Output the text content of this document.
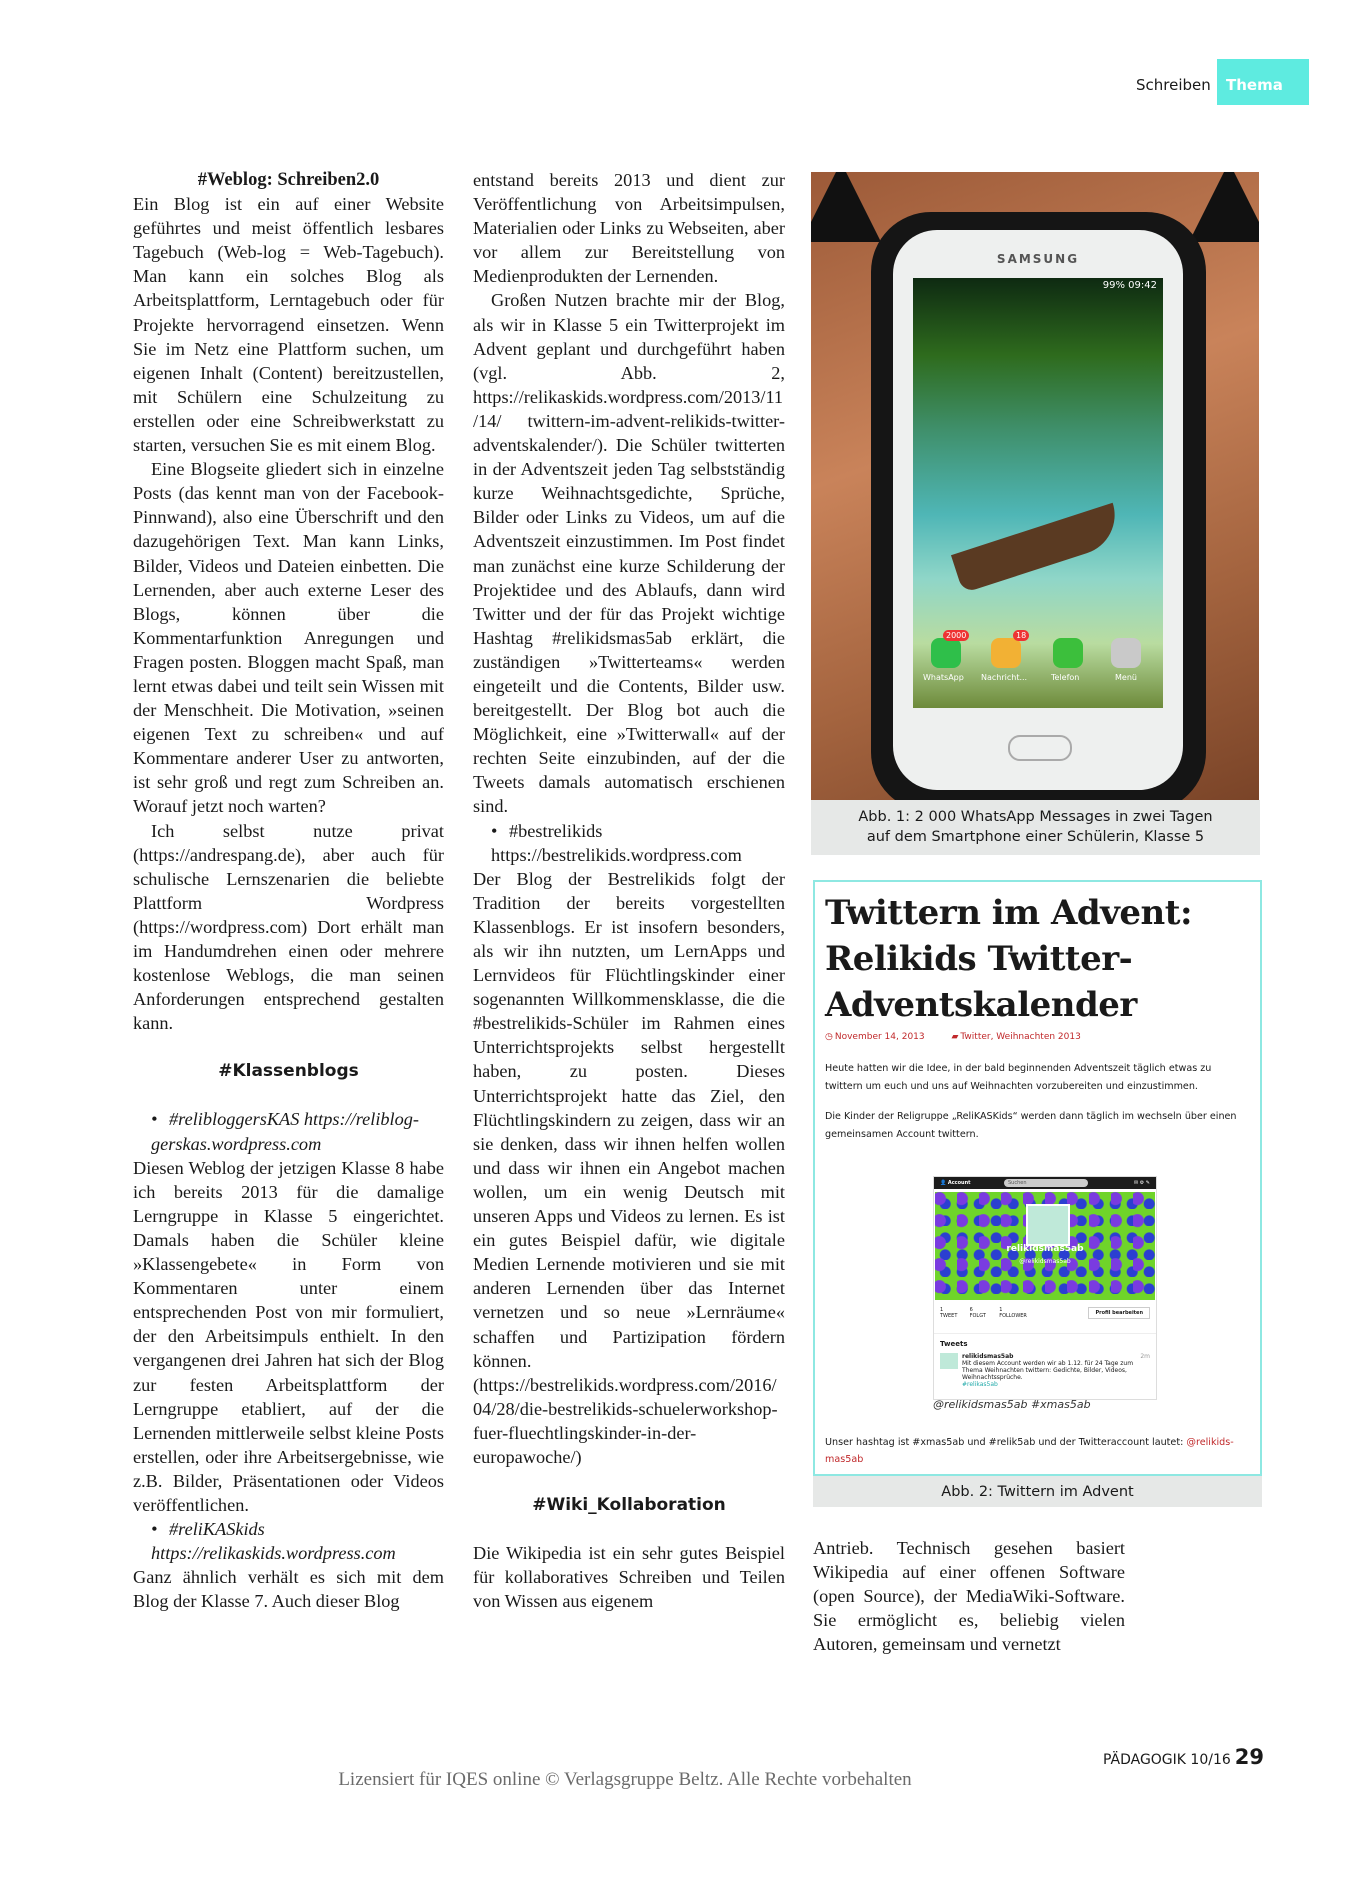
Schreiben	Thema
#Weblog: Schreiben2.0

Ein Blog ist ein auf einer Website geführtes und meist öffentlich lesbares Tagebuch (Web-log = Web-Tagebuch). Man kann ein solches Blog als Arbeitsplattform, Lerntagebuch oder für Projekte hervorragend einsetzen. Wenn Sie im Netz eine Plattform suchen, um eigenen Inhalt (Content) bereitzustellen, mit Schülern eine Schulzeitung zu erstellen oder eine Schreibwerkstatt zu starten, versuchen Sie es mit einem Blog.

Eine Blogseite gliedert sich in einzelne Posts (das kennt man von der Facebook-Pinnwand), also eine Überschrift und den dazugehörigen Text. Man kann Links, Bilder, Videos und Dateien einbetten. Die Lernenden, aber auch externe Leser des Blogs, können über die Kommentarfunktion Anregungen und Fragen posten. Bloggen macht Spaß, man lernt etwas dabei und teilt sein Wissen mit der Menschheit. Die Motivation, »seinen eigenen Text zu schreiben« und auf Kommentare anderer User zu antworten, ist sehr groß und regt zum Schreiben an. Worauf jetzt noch warten?

Ich selbst nutze privat (https://andrespang.de), aber auch für schulische Lernszenarien die beliebte Plattform Wordpress (https://wordpress.com) Dort erhält man im Handumdrehen einen oder mehrere kostenlose Weblogs, die man seinen Anforderungen entsprechend gestalten kann.

#Klassenblogs

• #relibloggersKAS https://relibloggerskas.wordpress.com

Diesen Weblog der jetzigen Klasse 8 habe ich bereits 2013 für die damalige Lerngruppe in Klasse 5 eingerichtet. Damals haben die Schüler kleine »Klassengebete« in Form von Kommentaren unter einem entsprechenden Post von mir formuliert, der den Arbeitsimpuls enthielt. In den vergangenen drei Jahren hat sich der Blog zur festen Arbeitsplattform der Lerngruppe etabliert, auf der die Lernenden mittlerweile selbst kleine Posts erstellen, oder ihre Arbeitsergebnisse, wie z.B. Bilder, Präsentationen oder Videos veröffentlichen.

• #reliKASkids https://relikaskids.wordpress.com

Ganz ähnlich verhält es sich mit dem Blog der Klasse 7. Auch dieser Blog

entstand bereits 2013 und dient zur Veröffentlichung von Arbeitsimpulsen, Materialien oder Links zu Webseiten, aber vor allem zur Bereitstellung von Medienprodukten der Lernenden.

Großen Nutzen brachte mir der Blog, als wir in Klasse 5 ein Twitterprojekt im Advent geplant und durchgeführt haben (vgl. Abb. 2, https://relikaskids.wordpress.com/2013/11/14/ twittern-im-advent-relikids-twitter-adventskalender/). Die Schüler twitterten in der Adventszeit jeden Tag selbstständig kurze Weihnachtsgedichte, Sprüche, Bilder oder Links zu Videos, um auf die Adventszeit einzustimmen. Im Post findet man zunächst eine kurze Schilderung der Projektidee und des Ablaufs, dann wird Twitter und der für das Projekt wichtige Hashtag #relikidsmas5ab erklärt, die zuständigen »Twitterteams« werden eingeteilt und die Contents, Bilder usw. bereitgestellt. Der Blog bot auch die Möglichkeit, eine »Twitterwall« auf der rechten Seite einzubinden, auf der die Tweets damals automatisch erschienen sind.

• #bestrelikids https://bestrelikids.wordpress.com

Der Blog der Bestrelikids folgt der Tradition der bereits vorgestellten Klassenblogs. Er ist insofern besonders, als wir ihn nutzten, um LernApps und Lernvideos für Flüchtlingskinder einer sogenannten Willkommensklasse, die die #bestrelikids-Schüler im Rahmen eines Unterrichtsprojekts selbst hergestellt haben, zu posten. Dieses Unterrichtsprojekt hatte das Ziel, den Flüchtlingskindern zu zeigen, dass wir an sie denken, dass wir ihnen helfen wollen und dass wir ihnen ein Angebot machen wollen, um ein wenig Deutsch mit unseren Apps und Videos zu lernen. Es ist ein gutes Beispiel dafür, wie digitale Medien Lernende motivieren und sie mit anderen Lernenden über das Internet vernetzen und so neue »Lernräume« schaffen und Partizipation fördern können. (https://bestrelikids.wordpress.com/2016/04/28/die-bestrelikids-schuelerworkshop-fuer-fluechtlingskinder-in-der-europawoche/)

#Wiki_Kollaboration

Die Wikipedia ist ein sehr gutes Beispiel für kollaboratives Schreiben und Teilen von Wissen aus eigenem

Antrieb. Technisch gesehen basiert Wikipedia auf einer offenen Software (open Source), der MediaWiki-Software. Sie ermöglicht es, beliebig vielen Autoren, gemeinsam und vernetzt

SAMSUNG
99% 09:42
2000	18
WhatsApp Nachricht...	Telefon	Menü
Abb. 1: 2 000 WhatsApp Messages in zwei Tagen
auf dem Smartphone einer Schülerin, Klasse 5
Twittern im Advent: Relikids Twitter-Adventskalender
◷ November 14, 2013	▰ Twitter, Weihnachten 2013
Heute hatten wir die Idee, in der bald beginnenden Adventszeit täglich etwas zu twittern um euch und uns auf Weihnachten vorzubereiten und einzustimmen.
Die Kinder der Religruppe „ReliKASKids“ werden dann täglich im wechseln über einen gemeinsamen Account twittern.
👤 Account	Suchen	✉ ⚙ ✎
relikidsmas5ab
@relikidsmas5ab
1
TWEET 6
FOLGT 1
FOLLOWER	Profil bearbeiten
Tweets
relikidsmas5ab	2m

Mit diesem Account werden wir ab 1.12. für 24 Tage zum Thema Weihnachten twittern: Gedichte, Bilder, Videos, Weihnachtssprüche.
#relikas5ab
@relikidsmas5ab #xmas5ab
Unser hashtag ist #xmas5ab und #relik5ab und der Twitteraccount lautet: @relikids-mas5ab
Abb. 2: Twittern im Advent
PÄDAGOGIK 10/16 29
Lizensiert für IQES online © Verlagsgruppe Beltz. Alle Rechte vorbehalten
